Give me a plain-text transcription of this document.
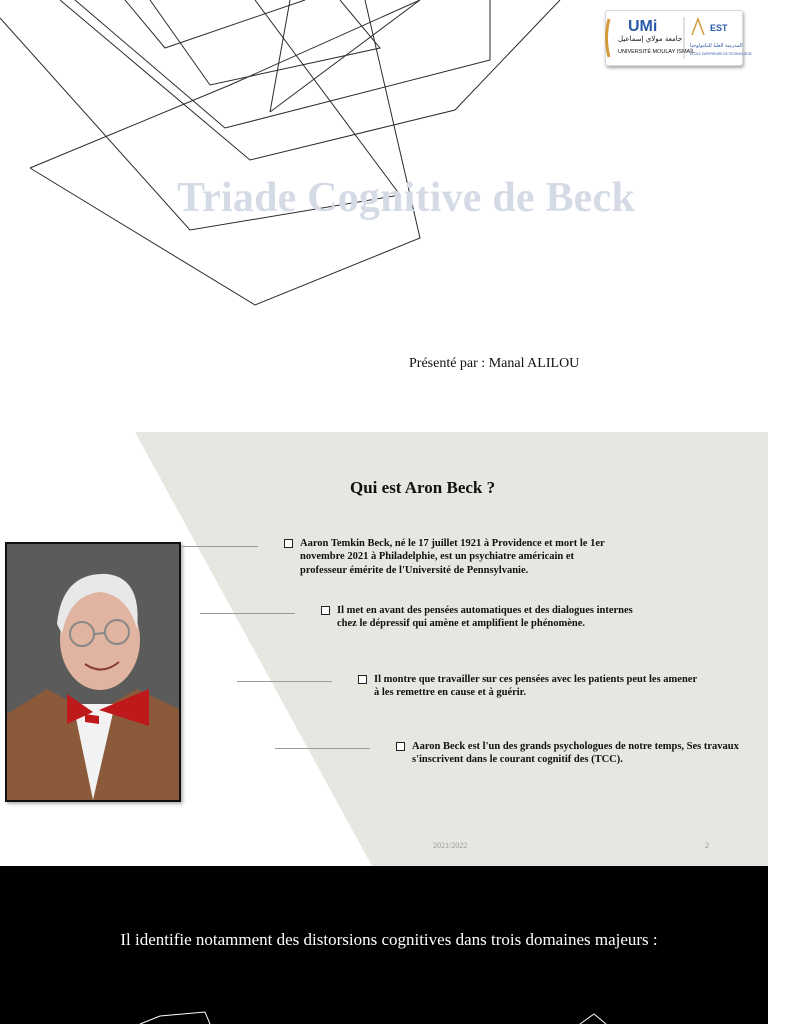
UMi
جامعة مولاي إسماعيل
UNIVERSITÉ MOULAY ISMAÏL
EST
المدرسة العليا للتكنولوجيا
ECOLE SUPERIEURE DE TECHNOLOGIE
Triade Cognitive de Beck
Présenté par : Manal ALILOU
Qui est Aron Beck ?
Aaron Temkin Beck, né le 17 juillet 1921 à Providence et mort le 1er novembre 2021 à Philadelphie, est un psychiatre américain et professeur émérite de l'Université de Pennsylvanie.
Il met en avant des pensées automatiques et des dialogues internes chez le dépressif qui amène et amplifient le phénomène.
Il montre que travailler sur ces pensées avec les patients peut les amener à les remettre en cause et à guérir.
Aaron Beck est l'un des grands psychologues de notre temps, Ses travaux s'inscrivent dans le courant cognitif des (TCC).
2021/2022	2
Il identifie notamment des distorsions cognitives dans trois domaines majeurs :
